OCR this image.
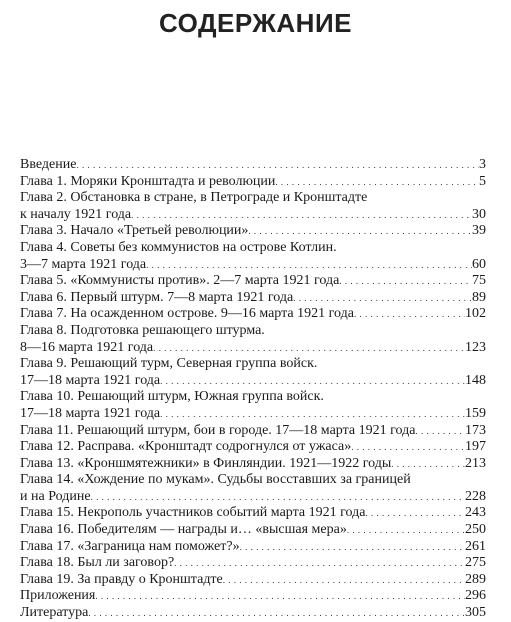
СОДЕРЖАНИЕ
Введение . . .	3
Глава 1. Моряки Кронштадта и революции . . .	5
Глава 2. Обстановка в стране, в Петрограде и Кронштадте
к началу 1921 года . . .	30
Глава 3. Начало «Третьей революции» . . .	39
Глава 4. Советы без коммунистов на острове Котлин.
3—7 марта 1921 года . . .	60
Глава 5. «Коммунисты против». 2—7 марта 1921 года . . .	75
Глава 6. Первый штурм. 7—8 марта 1921 года . . .	89
Глава 7. На осажденном острове. 9—16 марта 1921 года . . .	102
Глава 8. Подготовка решающего штурма.
8—16 марта 1921 года . . .	123
Глава 9. Решающий турм, Северная группа войск.
17—18 марта 1921 года . . .	148
Глава 10. Решающий штурм, Южная группа войск.
17—18 марта 1921 года . . .	159
Глава 11. Решающий штурм, бои в городе. 17—18 марта 1921 года . . .	173
Глава 12. Расправа. «Кронштадт содрогнулся от ужаса» . . .	197
Глава 13. «Кроншмятежники» в Финляндии. 1921—1922 годы . . .	213
Глава 14. «Хождение по мукам». Судьбы восставших за границей
и на Родине . . .	228
Глава 15. Некрополь участников событий марта 1921 года . . .	243
Глава 16. Победителям — награды и… «высшая мера» . . .	250
Глава 17. «Заграница нам поможет?» . . .	261
Глава 18. Был ли заговор? . . .	275
Глава 19. За правду о Кронштадте . . .	289
Приложения . . .	296
Литература . . .	305
